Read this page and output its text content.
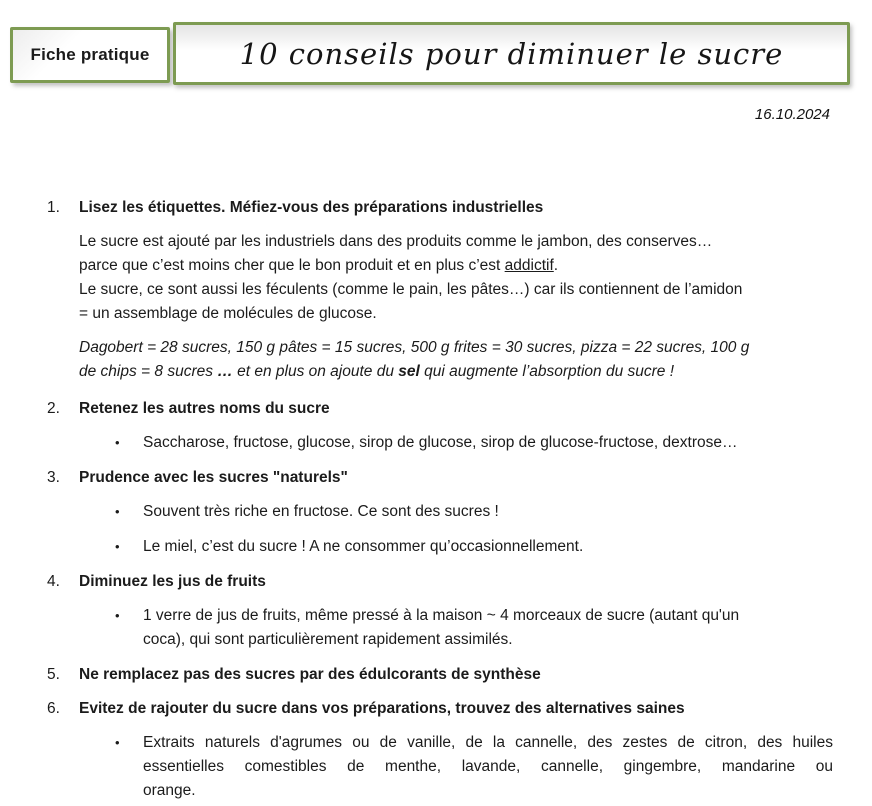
Fiche pratique	10 conseils pour diminuer le sucre
16.10.2024
1.	Lisez les étiquettes. Méfiez-vous des préparations industrielles
Le sucre est ajouté par les industriels dans des produits comme le jambon, des conserves…
parce que c’est moins cher que le bon produit et en plus c’est addictif.
Le sucre, ce sont aussi les féculents (comme le pain, les pâtes…) car ils contiennent de l’amidon
= un assemblage de molécules de glucose.
Dagobert = 28 sucres, 150 g pâtes = 15 sucres, 500 g frites = 30 sucres, pizza = 22 sucres, 100 g
de chips = 8 sucres … et en plus on ajoute du sel qui augmente l’absorption du sucre !
2.	Retenez les autres noms du sucre
•	Saccharose, fructose, glucose, sirop de glucose, sirop de glucose-fructose, dextrose…
3.	Prudence avec les sucres "naturels"
•	Souvent très riche en fructose. Ce sont des sucres !
•	Le miel, c’est du sucre ! A ne consommer qu’occasionnellement.
4.	Diminuez les jus de fruits
•	1 verre de jus de fruits, même pressé à la maison ~ 4 morceaux de sucre (autant qu'un
coca), qui sont particulièrement rapidement assimilés.
5.	Ne remplacez pas des sucres par des édulcorants de synthèse
6.	Evitez de rajouter du sucre dans vos préparations, trouvez des alternatives saines
•	Extraits naturels d'agrumes ou de vanille, de la cannelle, des zestes de citron, des huiles
essentielles comestibles de menthe, lavande, cannelle, gingembre, mandarine ou
orange.
